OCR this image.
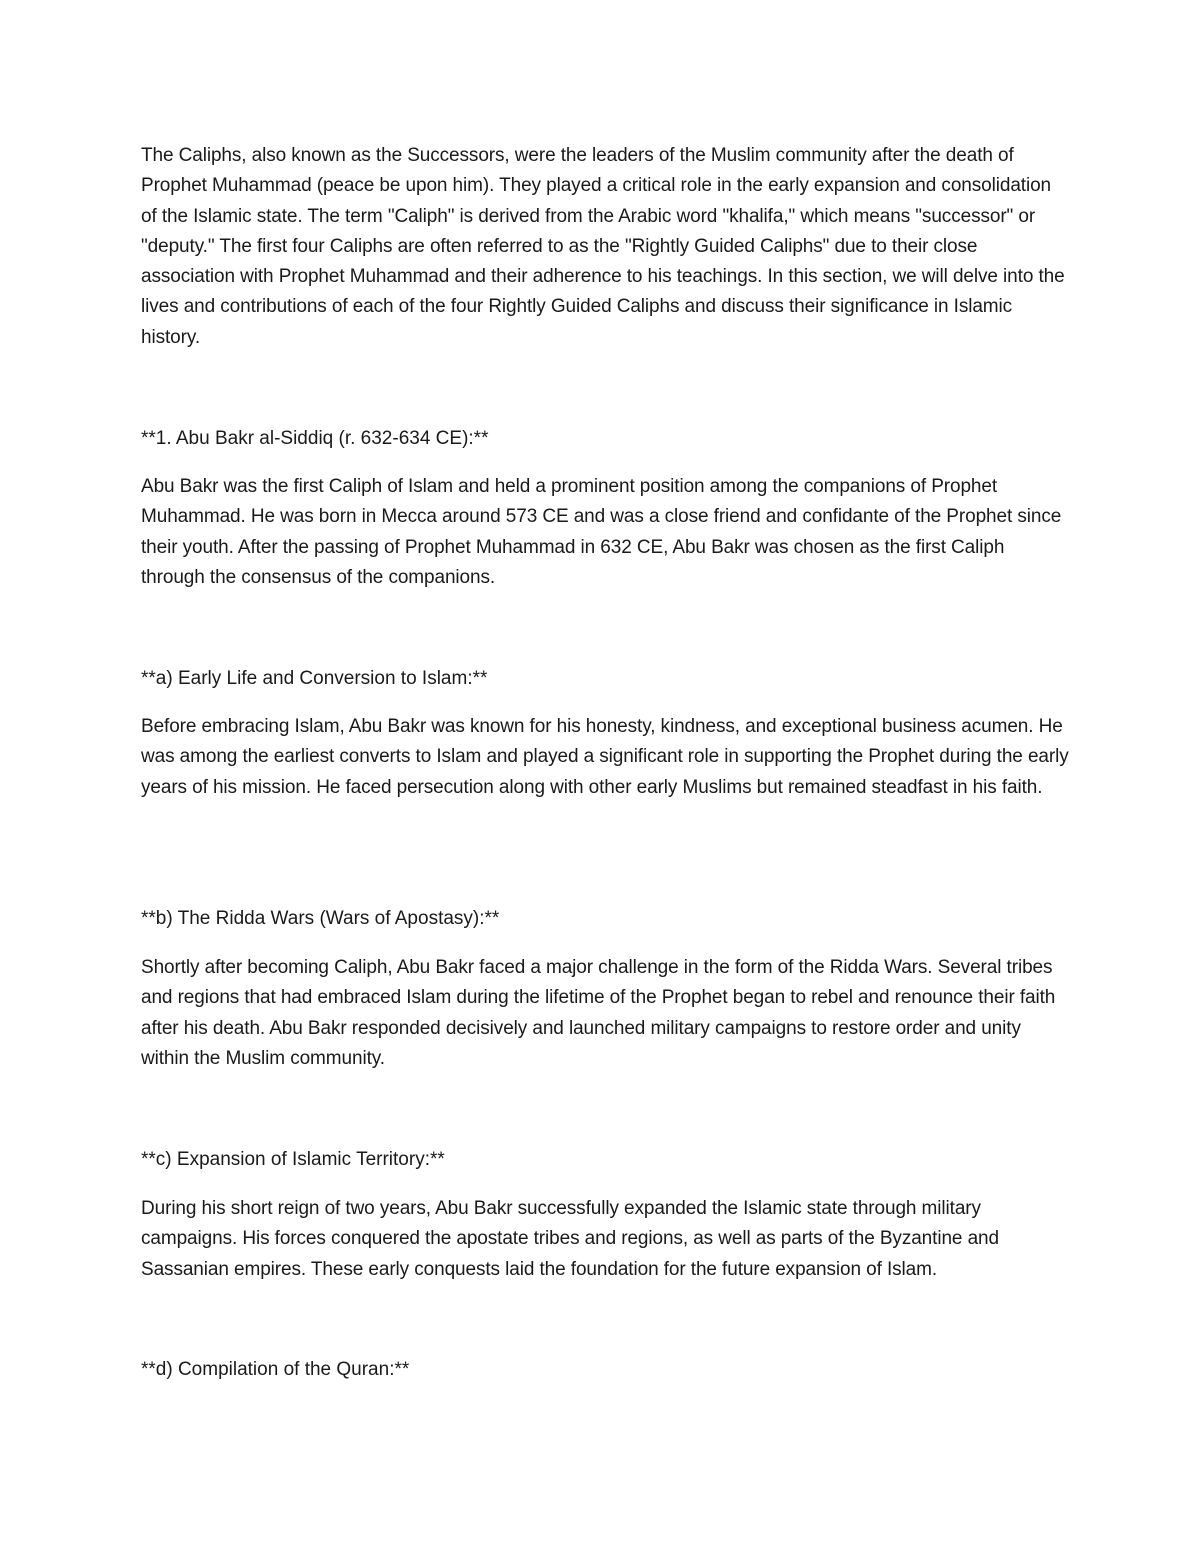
The Caliphs, also known as the Successors, were the leaders of the Muslim community after the death of Prophet Muhammad (peace be upon him). They played a critical role in the early expansion and consolidation of the Islamic state. The term "Caliph" is derived from the Arabic word "khalifa," which means "successor" or "deputy." The first four Caliphs are often referred to as the "Rightly Guided Caliphs" due to their close association with Prophet Muhammad and their adherence to his teachings. In this section, we will delve into the lives and contributions of each of the four Rightly Guided Caliphs and discuss their significance in Islamic history.

**1. Abu Bakr al-Siddiq (r. 632-634 CE):**

Abu Bakr was the first Caliph of Islam and held a prominent position among the companions of Prophet Muhammad. He was born in Mecca around 573 CE and was a close friend and confidante of the Prophet since their youth. After the passing of Prophet Muhammad in 632 CE, Abu Bakr was chosen as the first Caliph through the consensus of the companions.

**a) Early Life and Conversion to Islam:**

Before embracing Islam, Abu Bakr was known for his honesty, kindness, and exceptional business acumen. He was among the earliest converts to Islam and played a significant role in supporting the Prophet during the early years of his mission. He faced persecution along with other early Muslims but remained steadfast in his faith.

**b) The Ridda Wars (Wars of Apostasy):**

Shortly after becoming Caliph, Abu Bakr faced a major challenge in the form of the Ridda Wars. Several tribes and regions that had embraced Islam during the lifetime of the Prophet began to rebel and renounce their faith after his death. Abu Bakr responded decisively and launched military campaigns to restore order and unity within the Muslim community.

**c) Expansion of Islamic Territory:**

During his short reign of two years, Abu Bakr successfully expanded the Islamic state through military campaigns. His forces conquered the apostate tribes and regions, as well as parts of the Byzantine and Sassanian empires. These early conquests laid the foundation for the future expansion of Islam.

**d) Compilation of the Quran:**
